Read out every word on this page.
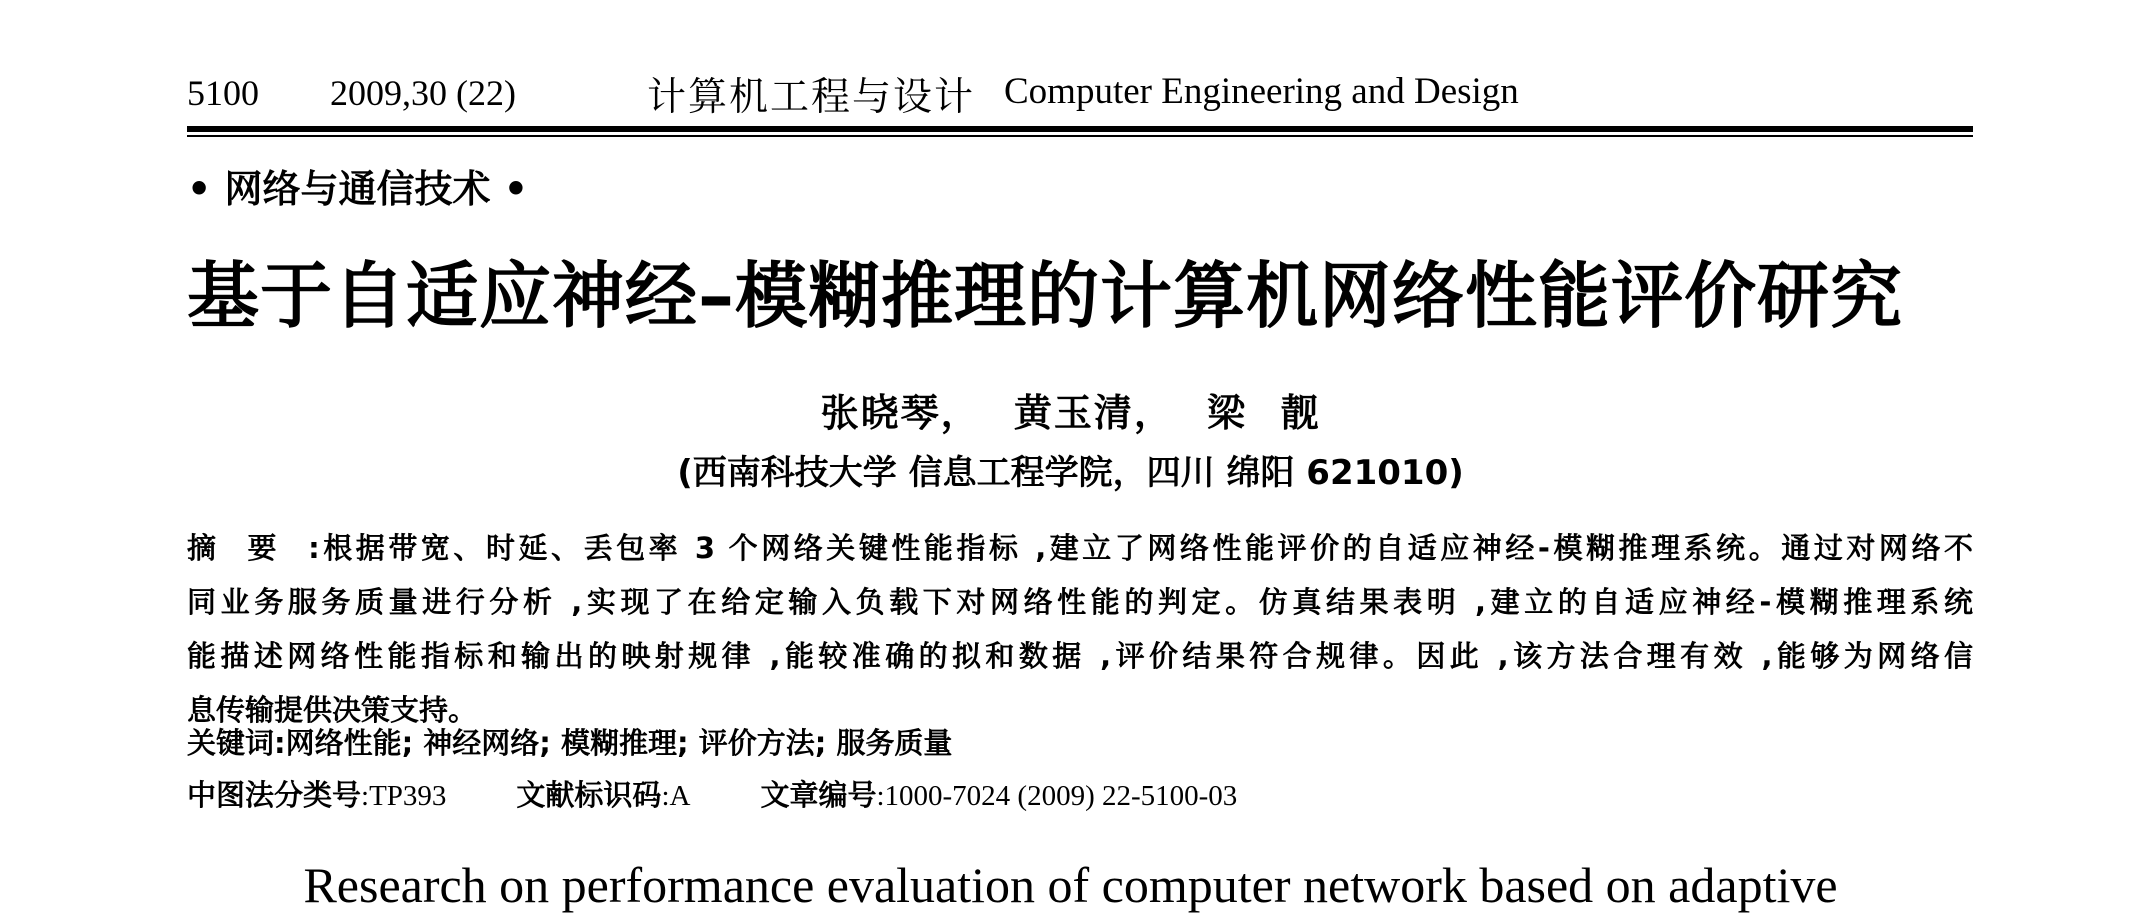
5100 2009,30 (22)	计算机工程与设计 Computer Engineering and Design
• 网络与通信技术 •
基于自适应神经–模糊推理的计算机网络性能评价研究
张晓琴， 黄玉清， 梁 靓
(西南科技大学 信息工程学院，四川 绵阳 621010)
摘要:根据带宽、时延、丢包率 3 个网络关键性能指标 ,建立了网络性能评价的自适应神经-模糊推理系统。通过对网络不
同业务服务质量进行分析 ,实现了在给定输入负载下对网络性能的判定。仿真结果表明 ,建立的自适应神经-模糊推理系统
能描述网络性能指标和输出的映射规律 ,能较准确的拟和数据 ,评价结果符合规律。因此 ,该方法合理有效 ,能够为网络信
息传输提供决策支持。
关键词:网络性能; 神经网络; 模糊推理; 评价方法; 服务质量
中图法分类号:TP393 文献标识码:A 文章编号:1000-7024 (2009) 22-5100-03
Research on performance evaluation of computer network based on adaptive
